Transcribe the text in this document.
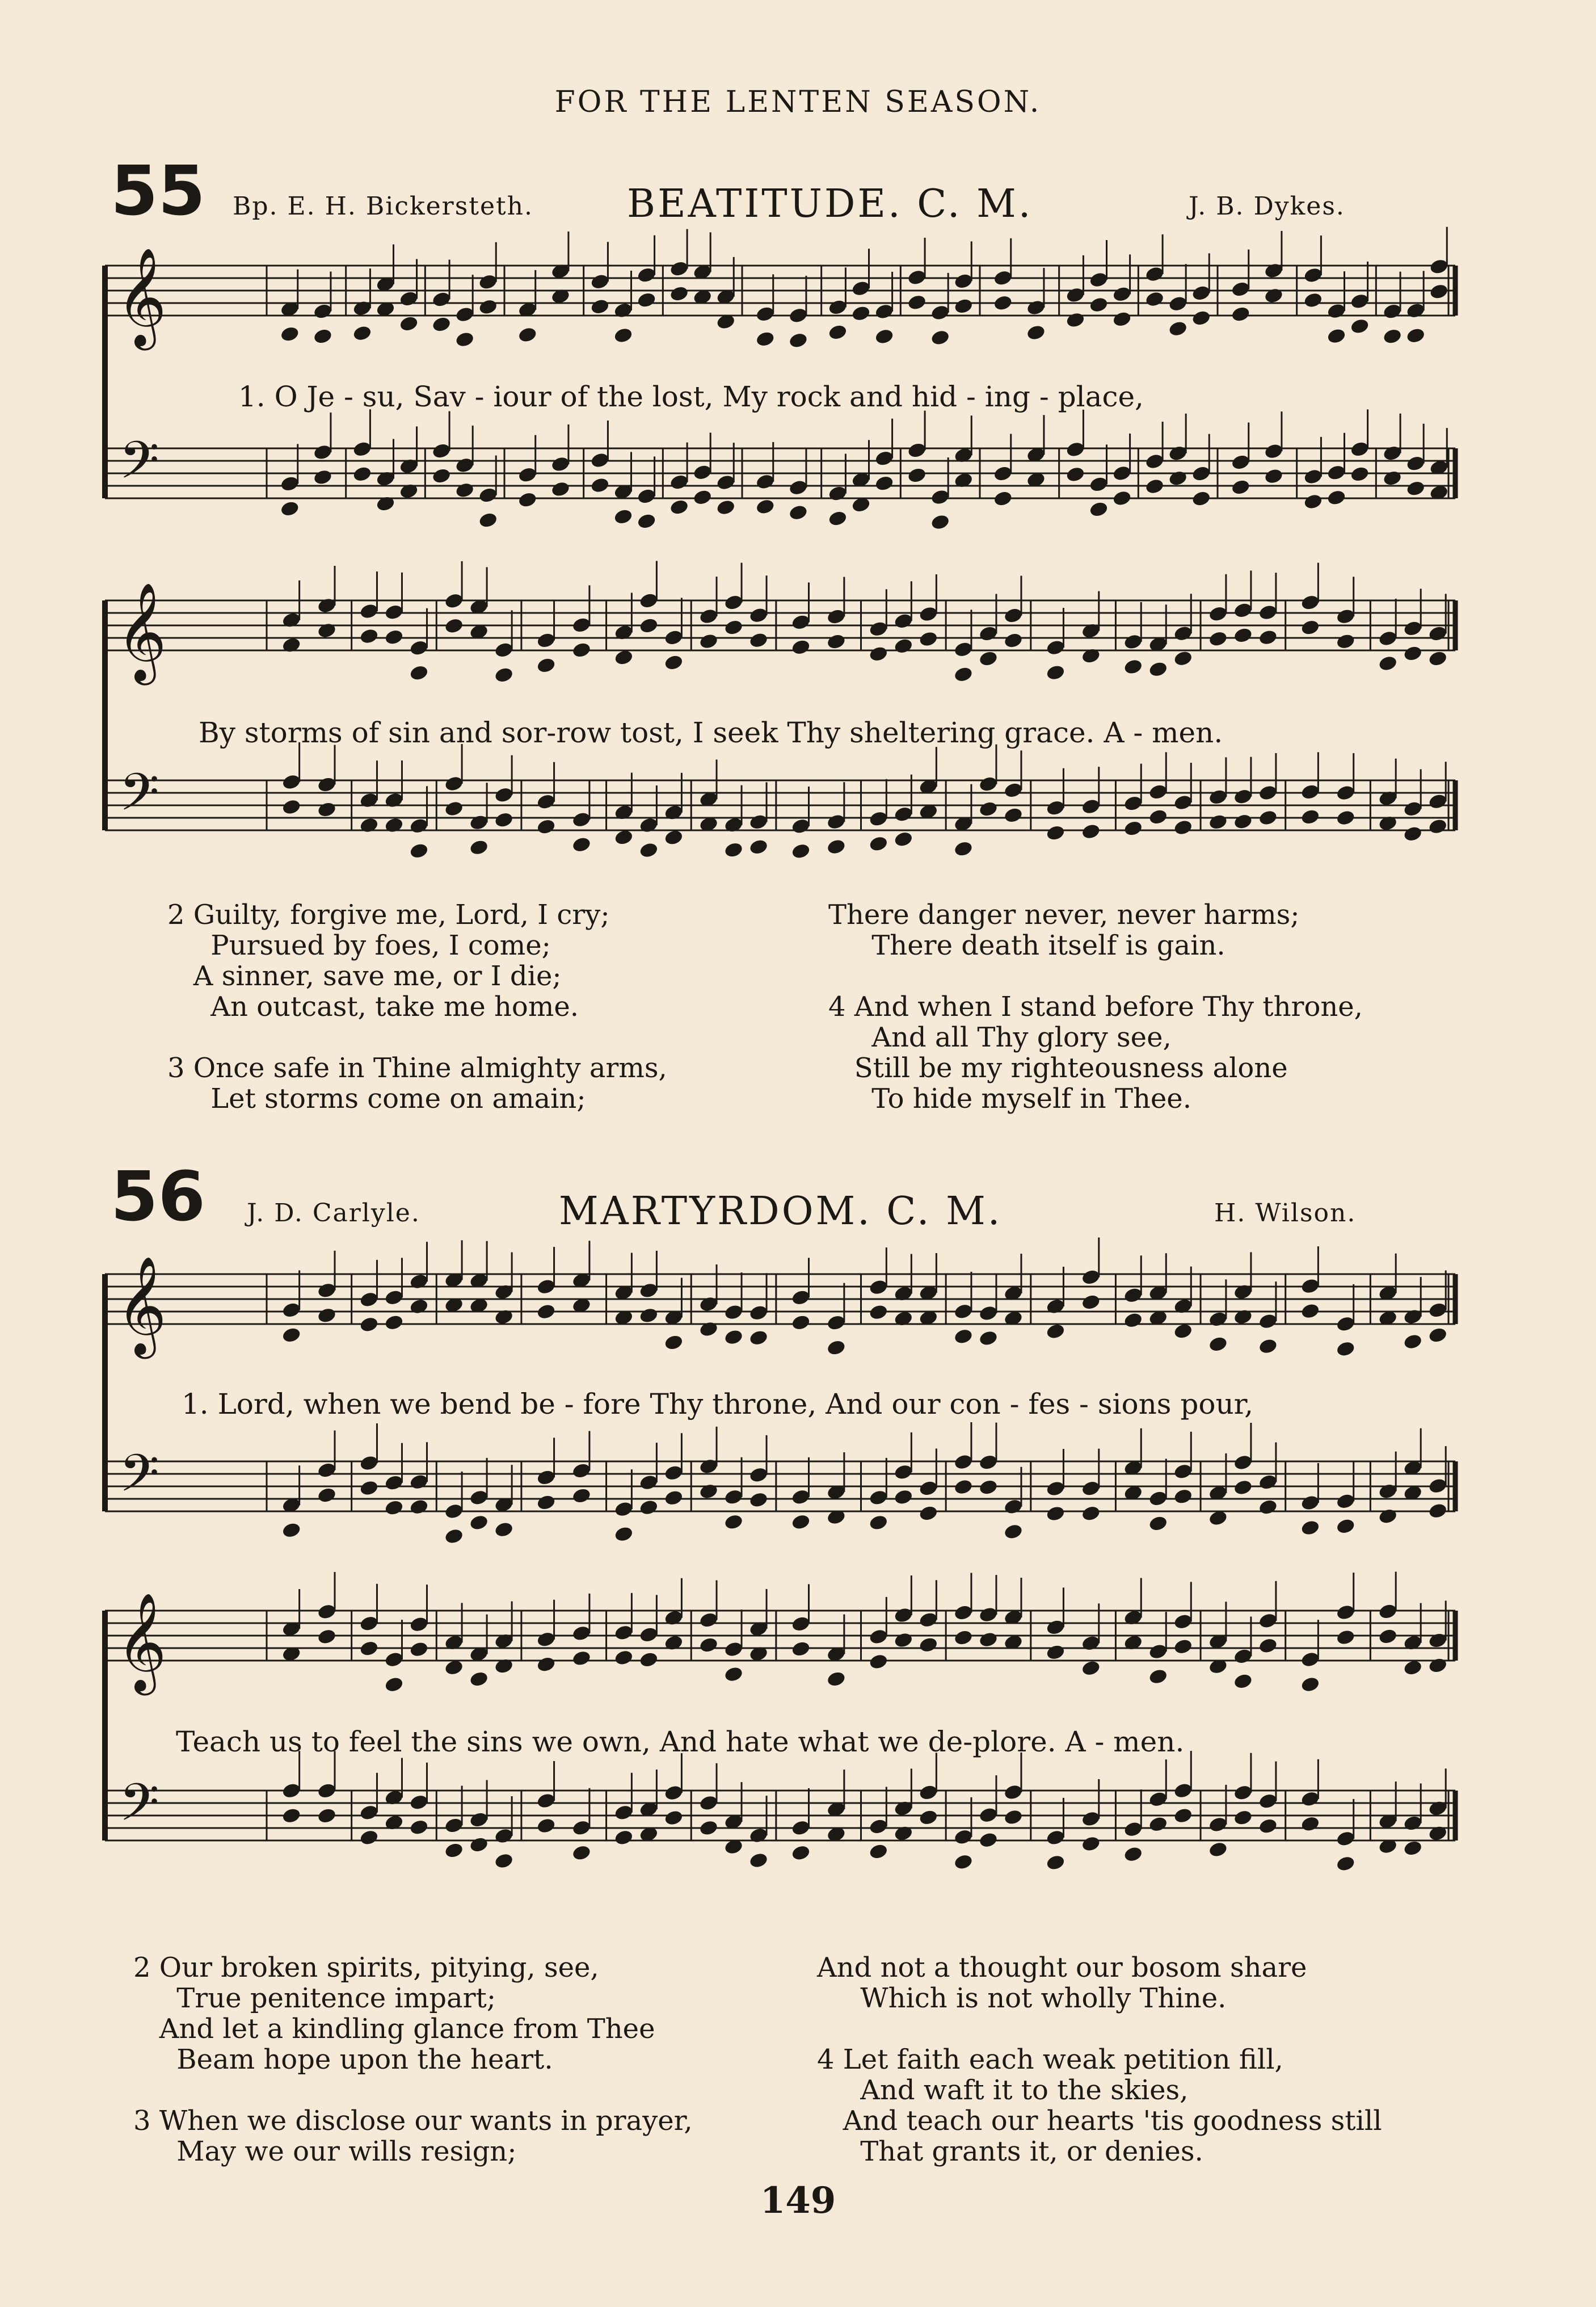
FOR THE LENTEN SEASON.
55 Bp. E. H. Bickersteth. BEATITUDE. C. M.	J. B. Dykes.
1. O Je - su, Sav - iour of the lost, My rock and hid - ing - place,
By storms of sin and sor-row tost, I seek Thy sheltering grace. A - men.
2 Guilty, forgive me, Lord, I cry;
Pursued by foes, I come;
A sinner, save me, or I die;
An outcast, take me home.

3 Once safe in Thine almighty arms,
Let storms come on amain;
There danger never, never harms;
There death itself is gain.

4 And when I stand before Thy throne,
And all Thy glory see,
Still be my righteousness alone
To hide myself in Thee.
56 J. D. Carlyle.	MARTYRDOM. C. M.	H. Wilson.
1. Lord, when we bend be - fore Thy throne, And our con - fes - sions pour,
Teach us to feel the sins we own, And hate what we de-plore. A - men.
2 Our broken spirits, pitying, see,
True penitence impart;
And let a kindling glance from Thee
Beam hope upon the heart.

3 When we disclose our wants in prayer,
May we our wills resign;
And not a thought our bosom share
Which is not wholly Thine.

4 Let faith each weak petition fill,
And waft it to the skies,
And teach our hearts 'tis goodness still
That grants it, or denies.
149
𝄞
𝄢
𝄞
𝄢
𝄞
𝄢
𝄞
𝄢
